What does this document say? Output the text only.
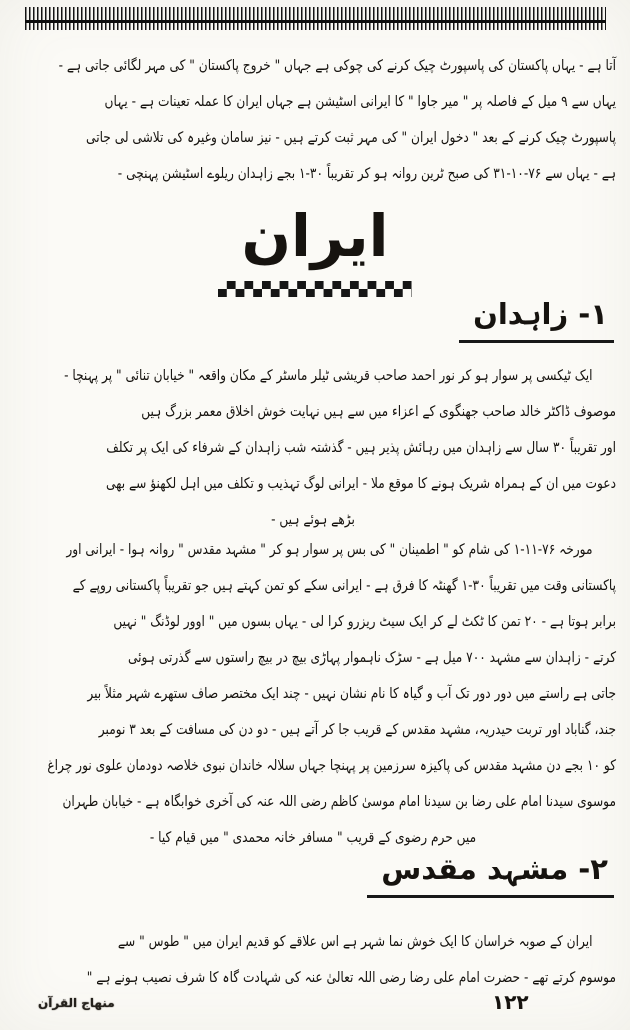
آتا ہے - یہاں پاکستان کی پاسپورٹ چیک کرنے کی چوکی ہے جہاں " خروج پاکستان " کی مہر لگائی جاتی ہے -
یہاں سے ۹ میل کے فاصلہ پر " میر جاوا " کا ایرانی اسٹیشن ہے جہاں ایران کا عملہ تعینات ہے - یہاں
پاسپورٹ چیک کرنے کے بعد " دخول ایران " کی مہر ثبت کرتے ہیں - نیز سامان وغیرہ کی تلاشی لی جاتی
ہے - یہاں سے ⁦۳۱-۱۰-۷۶⁩ کی صبح ٹرین روانہ ہو کر تقریباً ⁦۱-۳۰⁩ بجے زاہدان ریلوے اسٹیشن پہنچی -
ایران
۱- زاہدان
ایک ٹیکسی پر سوار ہو کر نور احمد صاحب قریشی ٹیلر ماسٹر کے مکان واقعہ " خیابان تنائی " پر پہنچا -
موصوف ڈاکٹر خالد صاحب جھنگوی کے اعزاء میں سے ہیں نہایت خوش اخلاق معمر بزرگ ہیں
اور تقریباً ۳۰ سال سے زاہدان میں رہائش پذیر ہیں - گذشتہ شب زاہدان کے شرفاء کی ایک پر تکلف
دعوت میں ان کے ہمراہ شریک ہونے کا موقع ملا - ایرانی لوگ تہذیب و تکلف میں اہل لکھنؤ سے بھی
بڑھے ہوئے ہیں -
مورخہ ⁦۱-۱۱-۷۶⁩ کی شام کو " اطمینان " کی بس پر سوار ہو کر " مشہد مقدس " روانہ ہوا - ایرانی اور
پاکستانی وقت میں تقریباً ⁦۱-۳۰⁩ گھنٹہ کا فرق ہے - ایرانی سکے کو تمن کہتے ہیں جو تقریباً پاکستانی روپے کے
برابر ہوتا ہے - ۲۰ تمن کا ٹکٹ لے کر ایک سیٹ ریزرو کرا لی - یہاں بسوں میں " اوور لوڈنگ " نہیں
کرتے - زاہدان سے مشہد ۷۰۰ میل ہے - سڑک ناہموار پہاڑی بیچ در بیچ راستوں سے گذرتی ہوئی
جاتی ہے راستے میں دور دور تک آب و گیاہ کا نام نشان نہیں - چند ایک مختصر صاف ستھرے شہر مثلاً بیر
جند، گناباد اور تربت حیدریہ، مشہد مقدس کے قریب جا کر آتے ہیں - دو دن کی مسافت کے بعد ۳ نومبر
کو ۱۰ بجے دن مشہد مقدس کی پاکیزہ سرزمین پر پہنچا جہاں سلالہ خاندان نبوی خلاصہ دودمان علوی نور چراغ
موسوی سیدنا امام علی رضا بن سیدنا امام موسیٰ کاظم رضی اللہ عنہ کی آخری خوابگاہ ہے - خیابان طہران
میں حرم رضوی کے قریب " مسافر خانہ محمدی " میں قیام کیا -
۲- مشہد مقدس
ایران کے صوبہ خراسان کا ایک خوش نما شہر ہے اس علاقے کو قدیم ایران میں " طوس " سے
موسوم کرتے تھے - حضرت امام علی رضا رضی اللہ تعالیٰ عنہ کی شہادت گاہ کا شرف نصیب ہونے ہے "
منهاج القرآن	۱۲۲
